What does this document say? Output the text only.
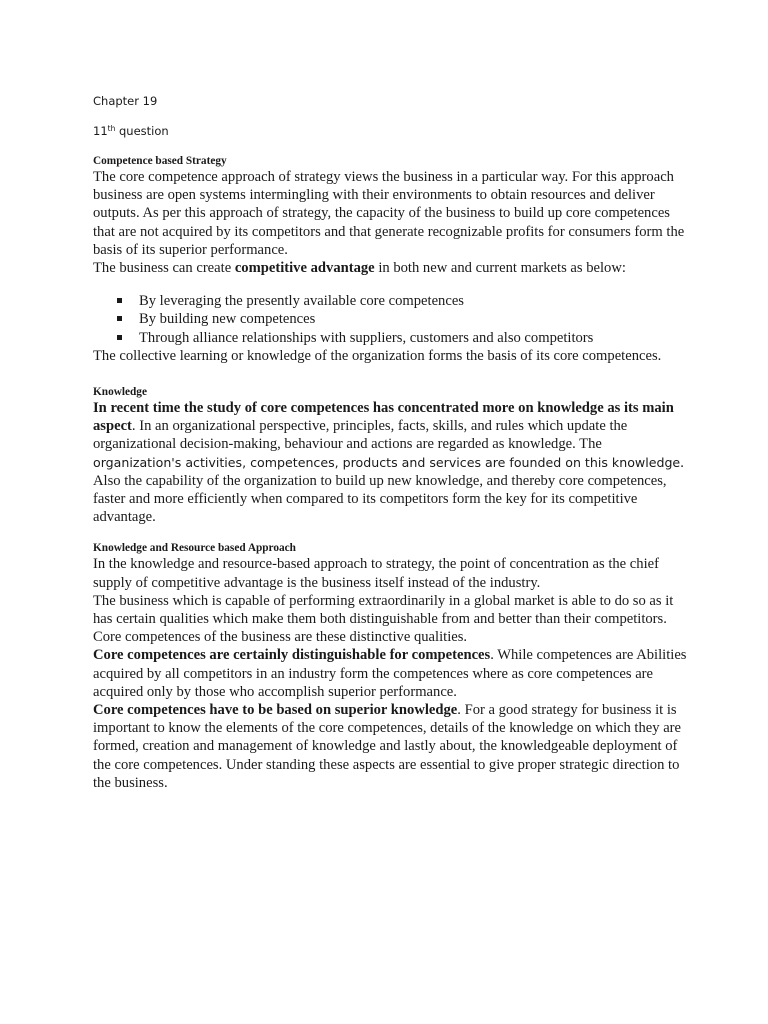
Chapter 19

11th question

Competence based Strategy

The core competence approach of strategy views the business in a particular way. For this approach business are open systems intermingling with their environments to obtain resources and deliver outputs. As per this approach of strategy, the capacity of the business to build up core competences that are not acquired by its competitors and that generate recognizable profits for consumers form the basis of its superior performance.

The business can create competitive advantage in both new and current markets as below:

By leveraging the presently available core competences
By building new competences
Through alliance relationships with suppliers, customers and also competitors

The collective learning or knowledge of the organization forms the basis of its core competences.

Knowledge

In recent time the study of core competences has concentrated more on knowledge as its main aspect. In an organizational perspective, principles, facts, skills, and rules which update the organizational decision-making, behaviour and actions are regarded as knowledge. The organization's activities, competences, products and services are founded on this knowledge. Also the capability of the organization to build up new knowledge, and thereby core competences, faster and more efficiently when compared to its competitors form the key for its competitive advantage.

Knowledge and Resource based Approach

In the knowledge and resource-based approach to strategy, the point of concentration as the chief supply of competitive advantage is the business itself instead of the industry.

The business which is capable of performing extraordinarily in a global market is able to do so as it has certain qualities which make them both distinguishable from and better than their competitors. Core competences of the business are these distinctive qualities.

Core competences are certainly distinguishable for competences. While competences are Abilities acquired by all competitors in an industry form the competences where as core competences are acquired only by those who accomplish superior performance.

Core competences have to be based on superior knowledge. For a good strategy for business it is important to know the elements of the core competences, details of the knowledge on which they are formed, creation and management of knowledge and lastly about, the knowledgeable deployment of the core competences. Under standing these aspects are essential to give proper strategic direction to the business.
